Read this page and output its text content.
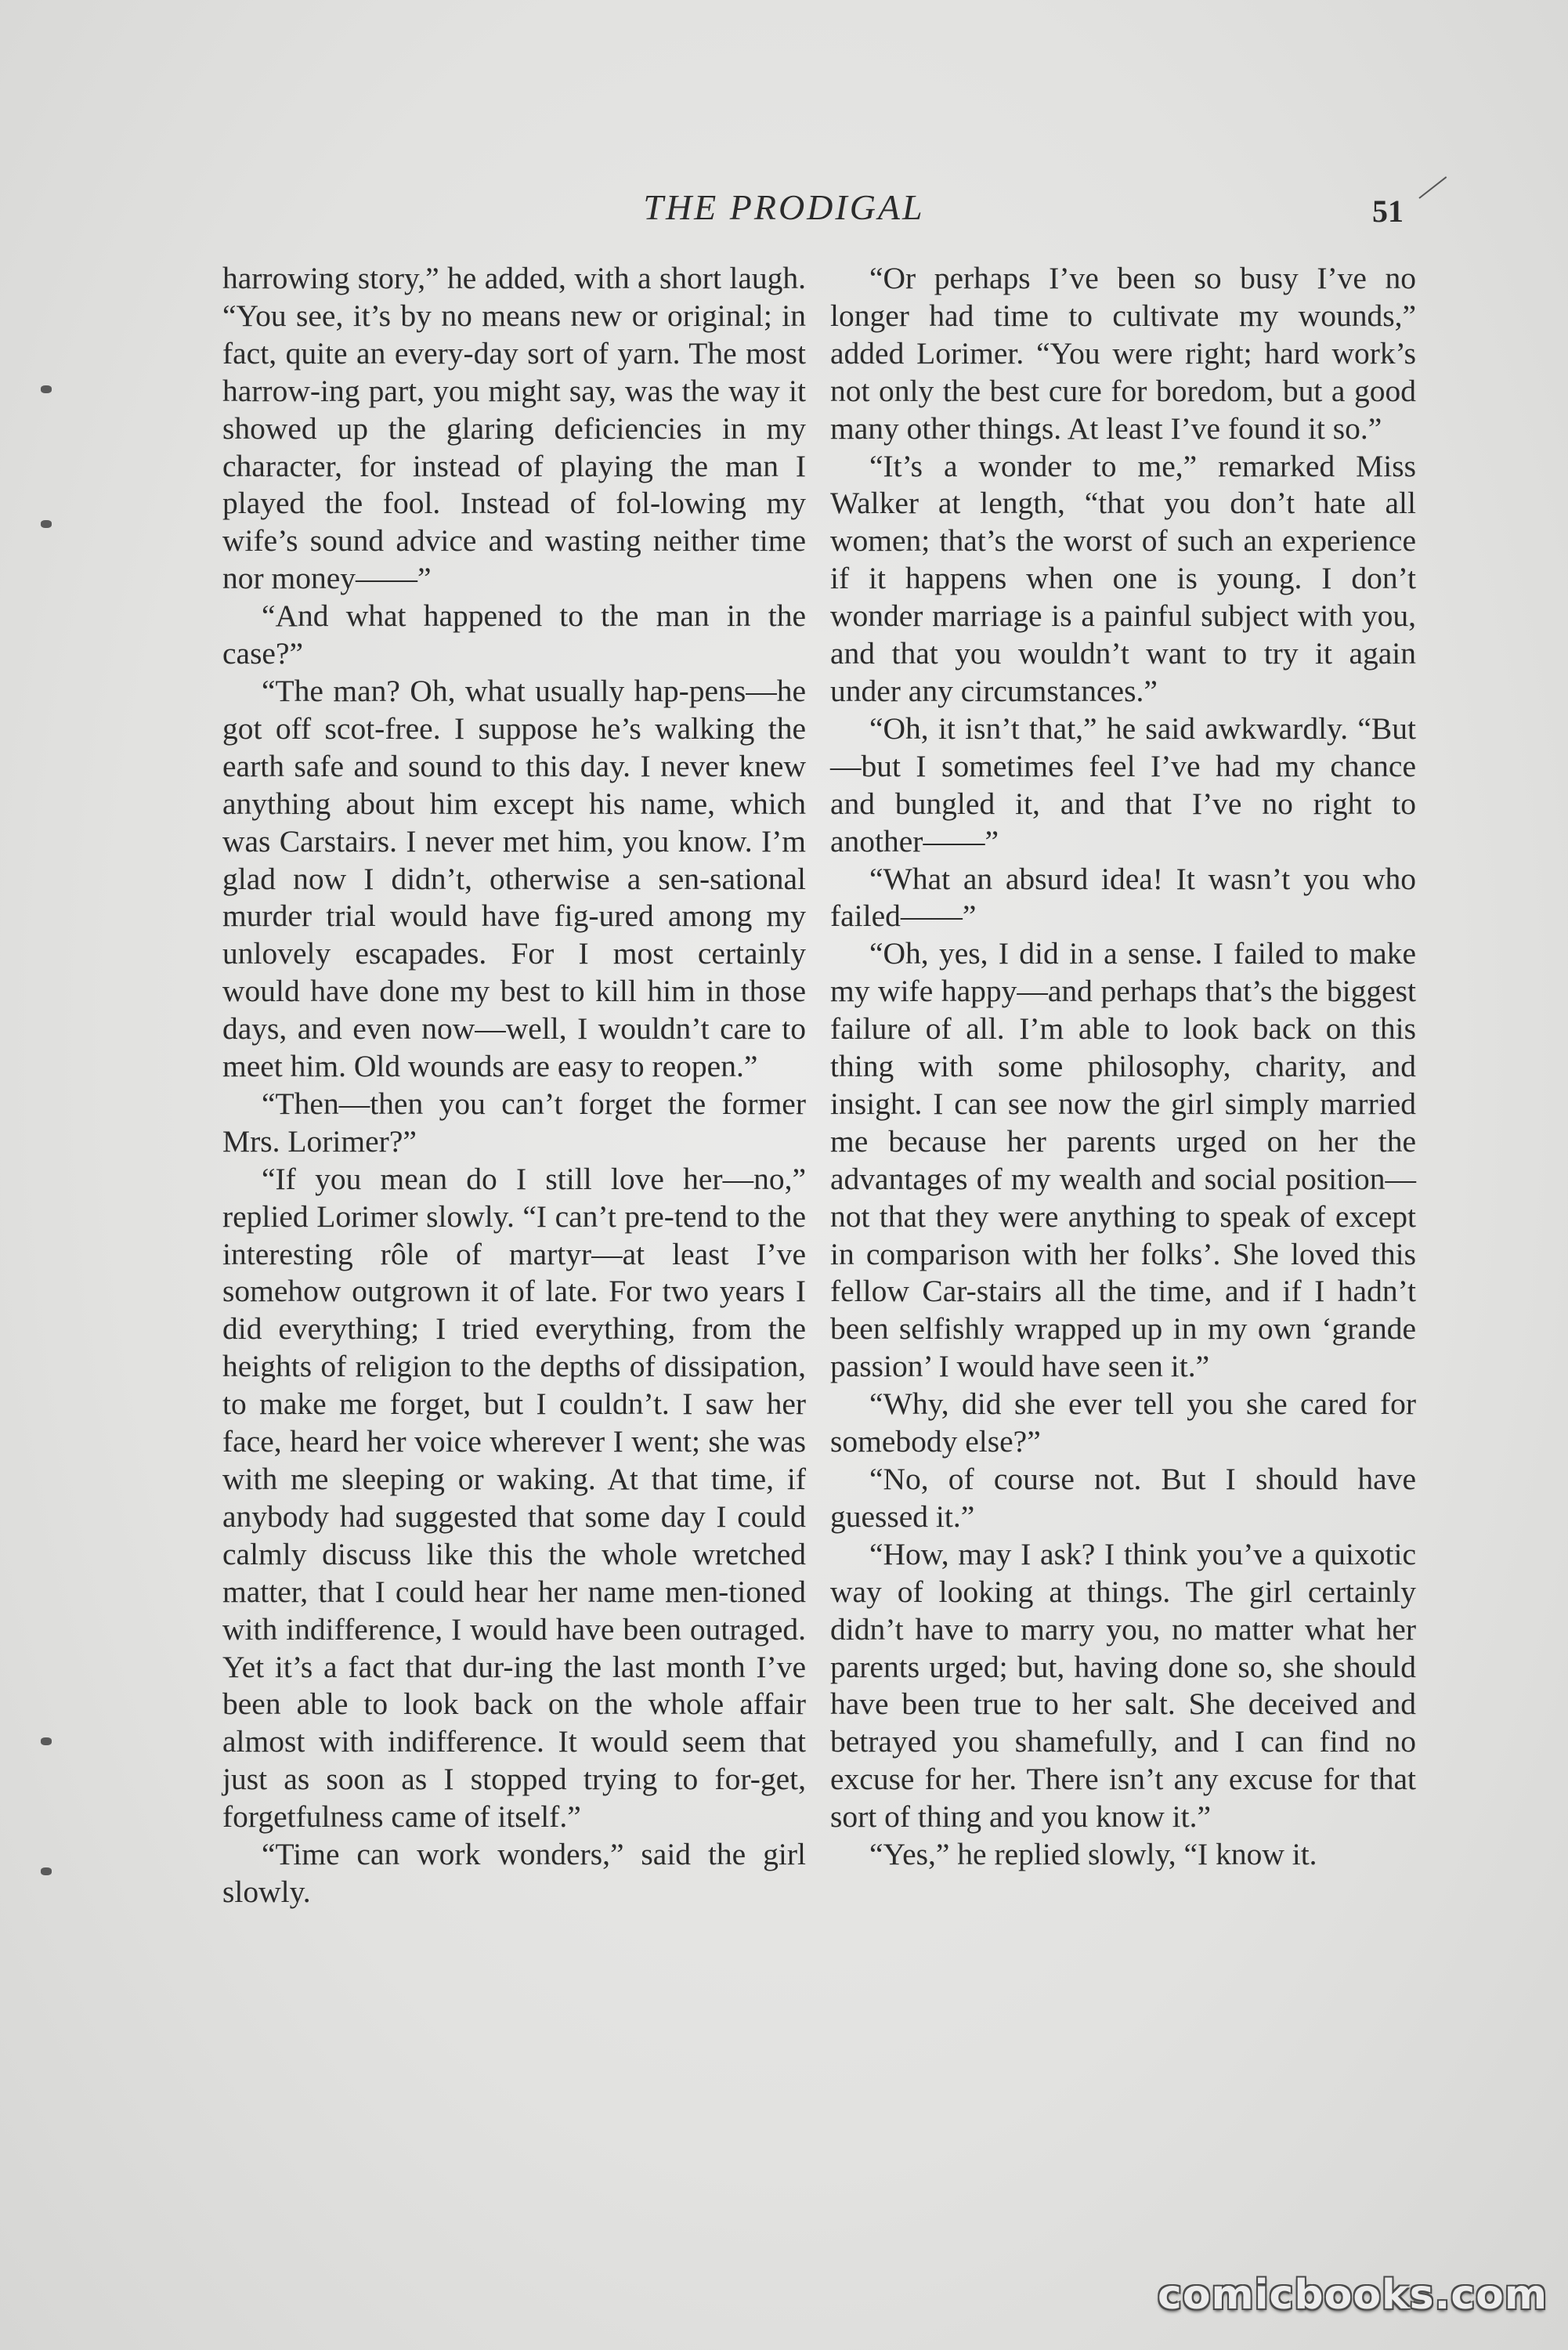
THE PRODIGAL	51

harrowing story,” he added, with a short laugh. “You see, it’s by no means new or original; in fact, quite an every-day sort of yarn. The most harrow-ing part, you might say, was the way it showed up the glaring deficiencies in my character, for instead of playing the man I played the fool. Instead of fol-lowing my wife’s sound advice and wasting neither time nor money——”

“And what happened to the man in the case?”

“The man? Oh, what usually hap-pens—he got off scot-free. I suppose he’s walking the earth safe and sound to this day. I never knew anything about him except his name, which was Carstairs. I never met him, you know. I’m glad now I didn’t, otherwise a sen-sational murder trial would have fig-ured among my unlovely escapades. For I most certainly would have done my best to kill him in those days, and even now—well, I wouldn’t care to meet him. Old wounds are easy to reopen.”

“Then—then you can’t forget the former Mrs. Lorimer?”

“If you mean do I still love her—no,” replied Lorimer slowly. “I can’t pre-tend to the interesting rôle of martyr—at least I’ve somehow outgrown it of late. For two years I did everything; I tried everything, from the heights of religion to the depths of dissipation, to make me forget, but I couldn’t. I saw her face, heard her voice wherever I went; she was with me sleeping or waking. At that time, if anybody had suggested that some day I could calmly discuss like this the whole wretched matter, that I could hear her name men-tioned with indifference, I would have been outraged. Yet it’s a fact that dur-ing the last month I’ve been able to look back on the whole affair almost with indifference. It would seem that just as soon as I stopped trying to for-get, forgetfulness came of itself.”

“Time can work wonders,” said the girl slowly.

“Or perhaps I’ve been so busy I’ve no longer had time to cultivate my wounds,” added Lorimer. “You were right; hard work’s not only the best cure for boredom, but a good many other things. At least I’ve found it so.”

“It’s a wonder to me,” remarked Miss Walker at length, “that you don’t hate all women; that’s the worst of such an experience if it happens when one is young. I don’t wonder marriage is a painful subject with you, and that you wouldn’t want to try it again under any circumstances.”

“Oh, it isn’t that,” he said awkwardly. “But—but I sometimes feel I’ve had my chance and bungled it, and that I’ve no right to another——”

“What an absurd idea! It wasn’t you who failed——”

“Oh, yes, I did in a sense. I failed to make my wife happy—and perhaps that’s the biggest failure of all. I’m able to look back on this thing with some philosophy, charity, and insight. I can see now the girl simply married me because her parents urged on her the advantages of my wealth and social position—not that they were anything to speak of except in comparison with her folks’. She loved this fellow Car-stairs all the time, and if I hadn’t been selfishly wrapped up in my own ‘grande passion’ I would have seen it.”

“Why, did she ever tell you she cared for somebody else?”

“No, of course not. But I should have guessed it.”

“How, may I ask? I think you’ve a quixotic way of looking at things. The girl certainly didn’t have to marry you, no matter what her parents urged; but, having done so, she should have been true to her salt. She deceived and betrayed you shamefully, and I can find no excuse for her. There isn’t any excuse for that sort of thing and you know it.”

“Yes,” he replied slowly, “I know it.

comicbooks.com
